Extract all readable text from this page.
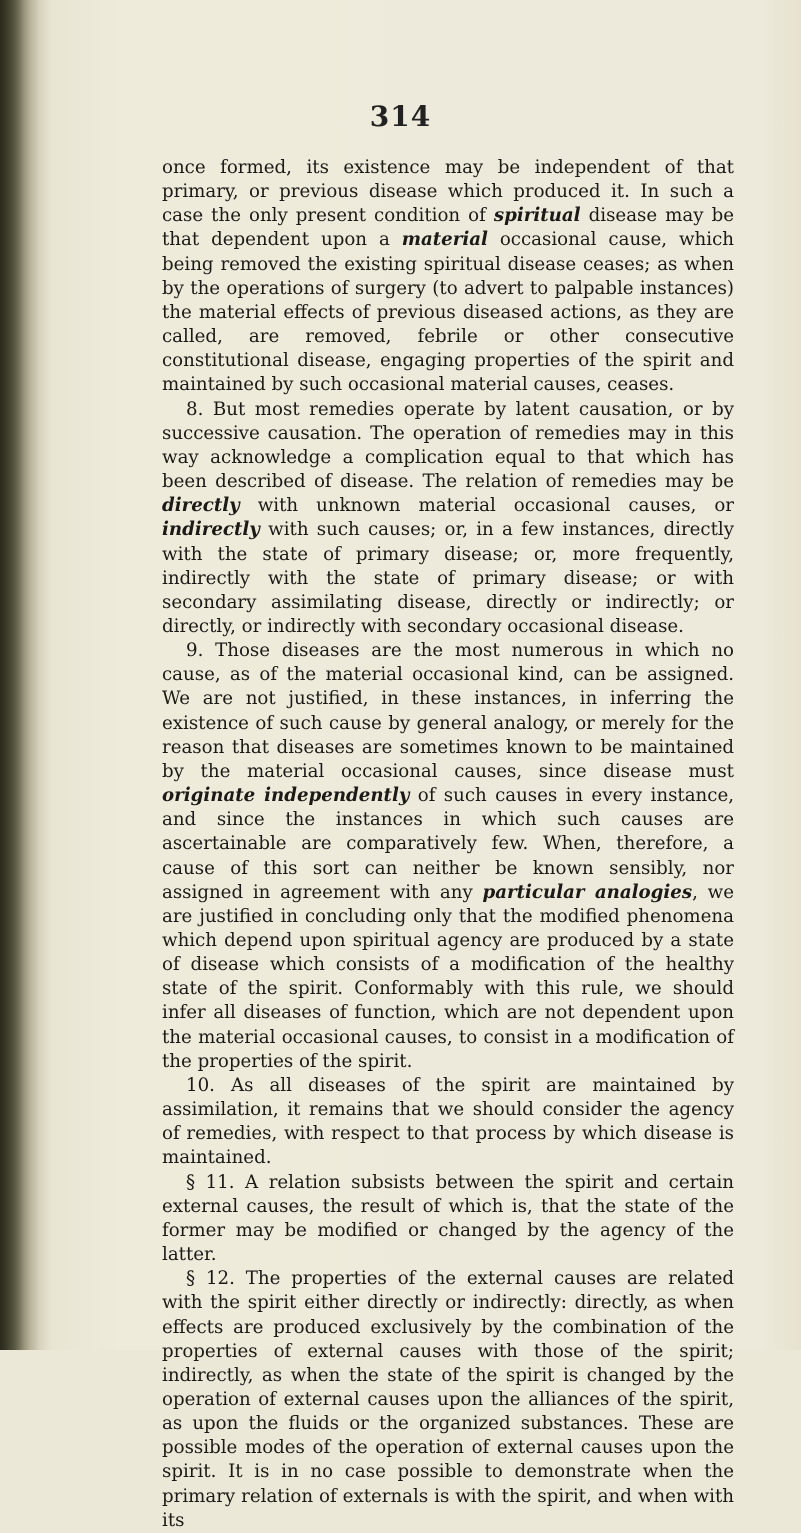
314

once formed, its existence may be independent of that primary, or previous disease which produced it. In such a case the only present condition of spiritual disease may be that dependent upon a material occasional cause, which being removed the existing spiritual disease ceases; as when by the operations of surgery (to advert to palpable instances) the material effects of previous diseased actions, as they are called, are removed, febrile or other consecutive constitutional disease, engaging properties of the spirit and maintained by such occasional material causes, ceases.

8. But most remedies operate by latent causation, or by successive causation. The operation of remedies may in this way acknowledge a complication equal to that which has been described of disease. The relation of remedies may be directly with unknown material occasional causes, or indirectly with such causes; or, in a few instances, directly with the state of primary disease; or, more frequently, indirectly with the state of primary disease; or with secondary assimilating disease, directly or indirectly; or directly, or indirectly with secondary occasional disease.

9. Those diseases are the most numerous in which no cause, as of the material occasional kind, can be assigned. We are not justified, in these instances, in inferring the existence of such cause by general analogy, or merely for the reason that diseases are sometimes known to be maintained by the material occasional causes, since disease must originate independently of such causes in every instance, and since the instances in which such causes are ascertainable are comparatively few. When, therefore, a cause of this sort can neither be known sensibly, nor assigned in agreement with any particular analogies, we are justified in concluding only that the modified phenomena which depend upon spiritual agency are produced by a state of disease which consists of a modification of the healthy state of the spirit. Conformably with this rule, we should infer all diseases of function, which are not dependent upon the material occasional causes, to consist in a modification of the properties of the spirit.

10. As all diseases of the spirit are maintained by assimilation, it remains that we should consider the agency of remedies, with respect to that process by which disease is maintained.

§ 11. A relation subsists between the spirit and certain external causes, the result of which is, that the state of the former may be modified or changed by the agency of the latter.

§ 12. The properties of the external causes are related with the spirit either directly or indirectly: directly, as when effects are produced exclusively by the combination of the properties of external causes with those of the spirit; indirectly, as when the state of the spirit is changed by the operation of external causes upon the alliances of the spirit, as upon the fluids or the organized substances. These are possible modes of the operation of external causes upon the spirit. It is in no case possible to demonstrate when the primary relation of externals is with the spirit, and when with its
